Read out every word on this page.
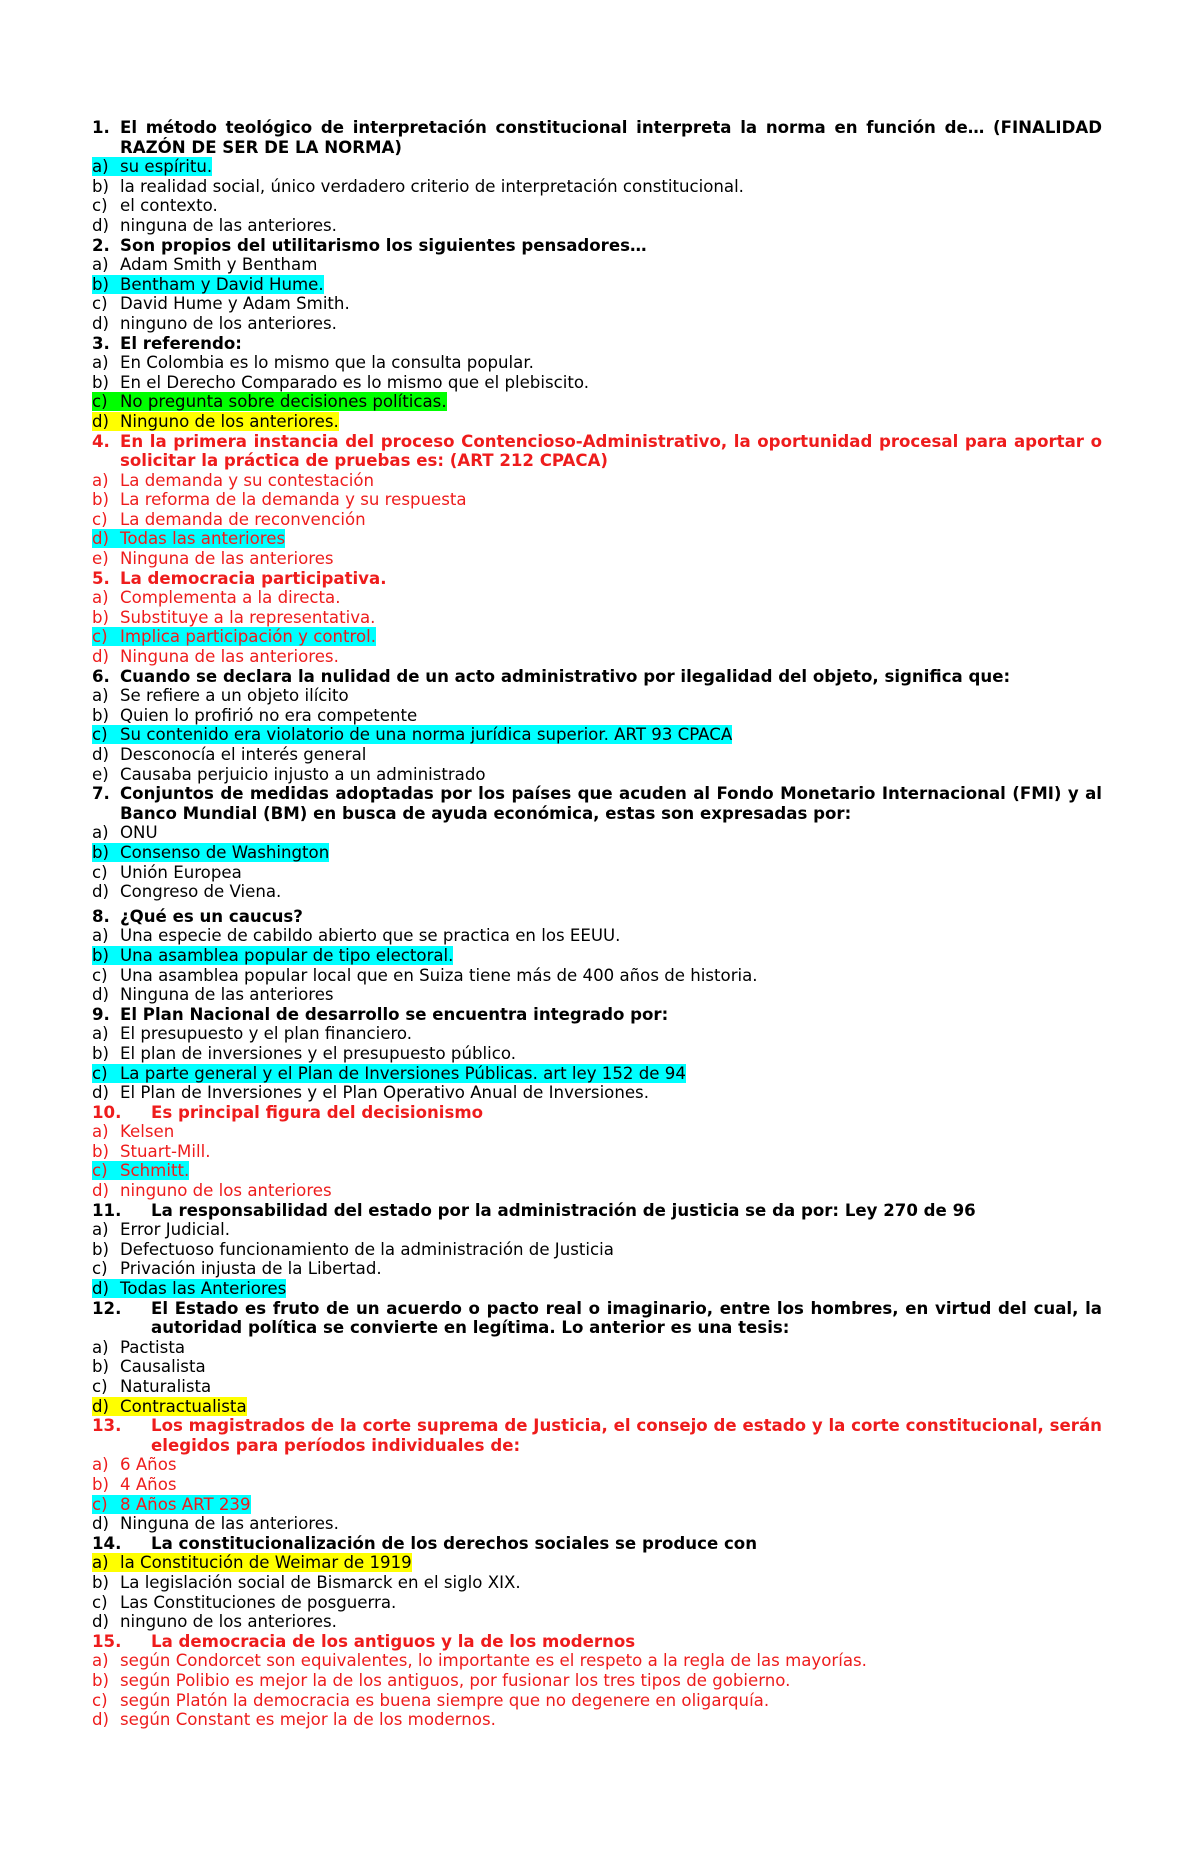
1. El método teológico de interpretación constitucional interpreta la norma en función de… (FINALIDAD RAZÓN DE SER DE LA NORMA)
a) su espíritu.
b) la realidad social, único verdadero criterio de interpretación constitucional.
c) el contexto.
d) ninguna de las anteriores.
2. Son propios del utilitarismo los siguientes pensadores…
a) Adam Smith y Bentham
b) Bentham y David Hume.
c) David Hume y Adam Smith.
d) ninguno de los anteriores.
3. El referendo:
a) En Colombia es lo mismo que la consulta popular.
b) En el Derecho Comparado es lo mismo que el plebiscito.
c) No pregunta sobre decisiones políticas.
d) Ninguno de los anteriores.
4. En la primera instancia del proceso Contencioso-Administrativo, la oportunidad procesal para aportar o solicitar la práctica de pruebas es: (ART 212 CPACA)
a) La demanda y su contestación
b) La reforma de la demanda y su respuesta
c) La demanda de reconvención
d) Todas las anteriores
e) Ninguna de las anteriores
5. La democracia participativa.
a) Complementa a la directa.
b) Substituye a la representativa.
c) Implica participación y control.
d) Ninguna de las anteriores.
6. Cuando se declara la nulidad de un acto administrativo por ilegalidad del objeto, significa que:
a) Se refiere a un objeto ilícito
b) Quien lo profirió no era competente
c) Su contenido era violatorio de una norma jurídica superior. ART 93 CPACA
d) Desconocía el interés general
e) Causaba perjuicio injusto a un administrado
7. Conjuntos de medidas adoptadas por los países que acuden al Fondo Monetario Internacional (FMI) y al Banco Mundial (BM) en busca de ayuda económica, estas son expresadas por:
a) ONU
b) Consenso de Washington
c) Unión Europea
d) Congreso de Viena.
8. ¿Qué es un caucus?
a) Una especie de cabildo abierto que se practica en los EEUU.
b) Una asamblea popular de tipo electoral.
c) Una asamblea popular local que en Suiza tiene más de 400 años de historia.
d) Ninguna de las anteriores
9. El Plan Nacional de desarrollo se encuentra integrado por:
a) El presupuesto y el plan financiero.
b) El plan de inversiones y el presupuesto público.
c) La parte general y el Plan de Inversiones Públicas. art ley 152 de 94
d) El Plan de Inversiones y el Plan Operativo Anual de Inversiones.
10.	Es principal figura del decisionismo
a) Kelsen
b) Stuart-Mill.
c) Schmitt.
d) ninguno de los anteriores
11.	La responsabilidad del estado por la administración de justicia se da por: Ley 270 de 96
a) Error Judicial.
b) Defectuoso funcionamiento de la administración de Justicia
c) Privación injusta de la Libertad.
d) Todas las Anteriores
12.	El Estado es fruto de un acuerdo o pacto real o imaginario, entre los hombres, en virtud del cual, la autoridad política se convierte en legítima. Lo anterior es una tesis:
a) Pactista
b) Causalista
c) Naturalista
d) Contractualista
13.	Los magistrados de la corte suprema de Justicia, el consejo de estado y la corte constitucional, serán elegidos para períodos individuales de:
a) 6 Años
b) 4 Años
c) 8 Años ART 239
d) Ninguna de las anteriores.
14.	La constitucionalización de los derechos sociales se produce con
a) la Constitución de Weimar de 1919
b) La legislación social de Bismarck en el siglo XIX.
c) Las Constituciones de posguerra.
d) ninguno de los anteriores.
15.	La democracia de los antiguos y la de los modernos
a) según Condorcet son equivalentes, lo importante es el respeto a la regla de las mayorías.
b) según Polibio es mejor la de los antiguos, por fusionar los tres tipos de gobierno.
c) según Platón la democracia es buena siempre que no degenere en oligarquía.
d) según Constant es mejor la de los modernos.
